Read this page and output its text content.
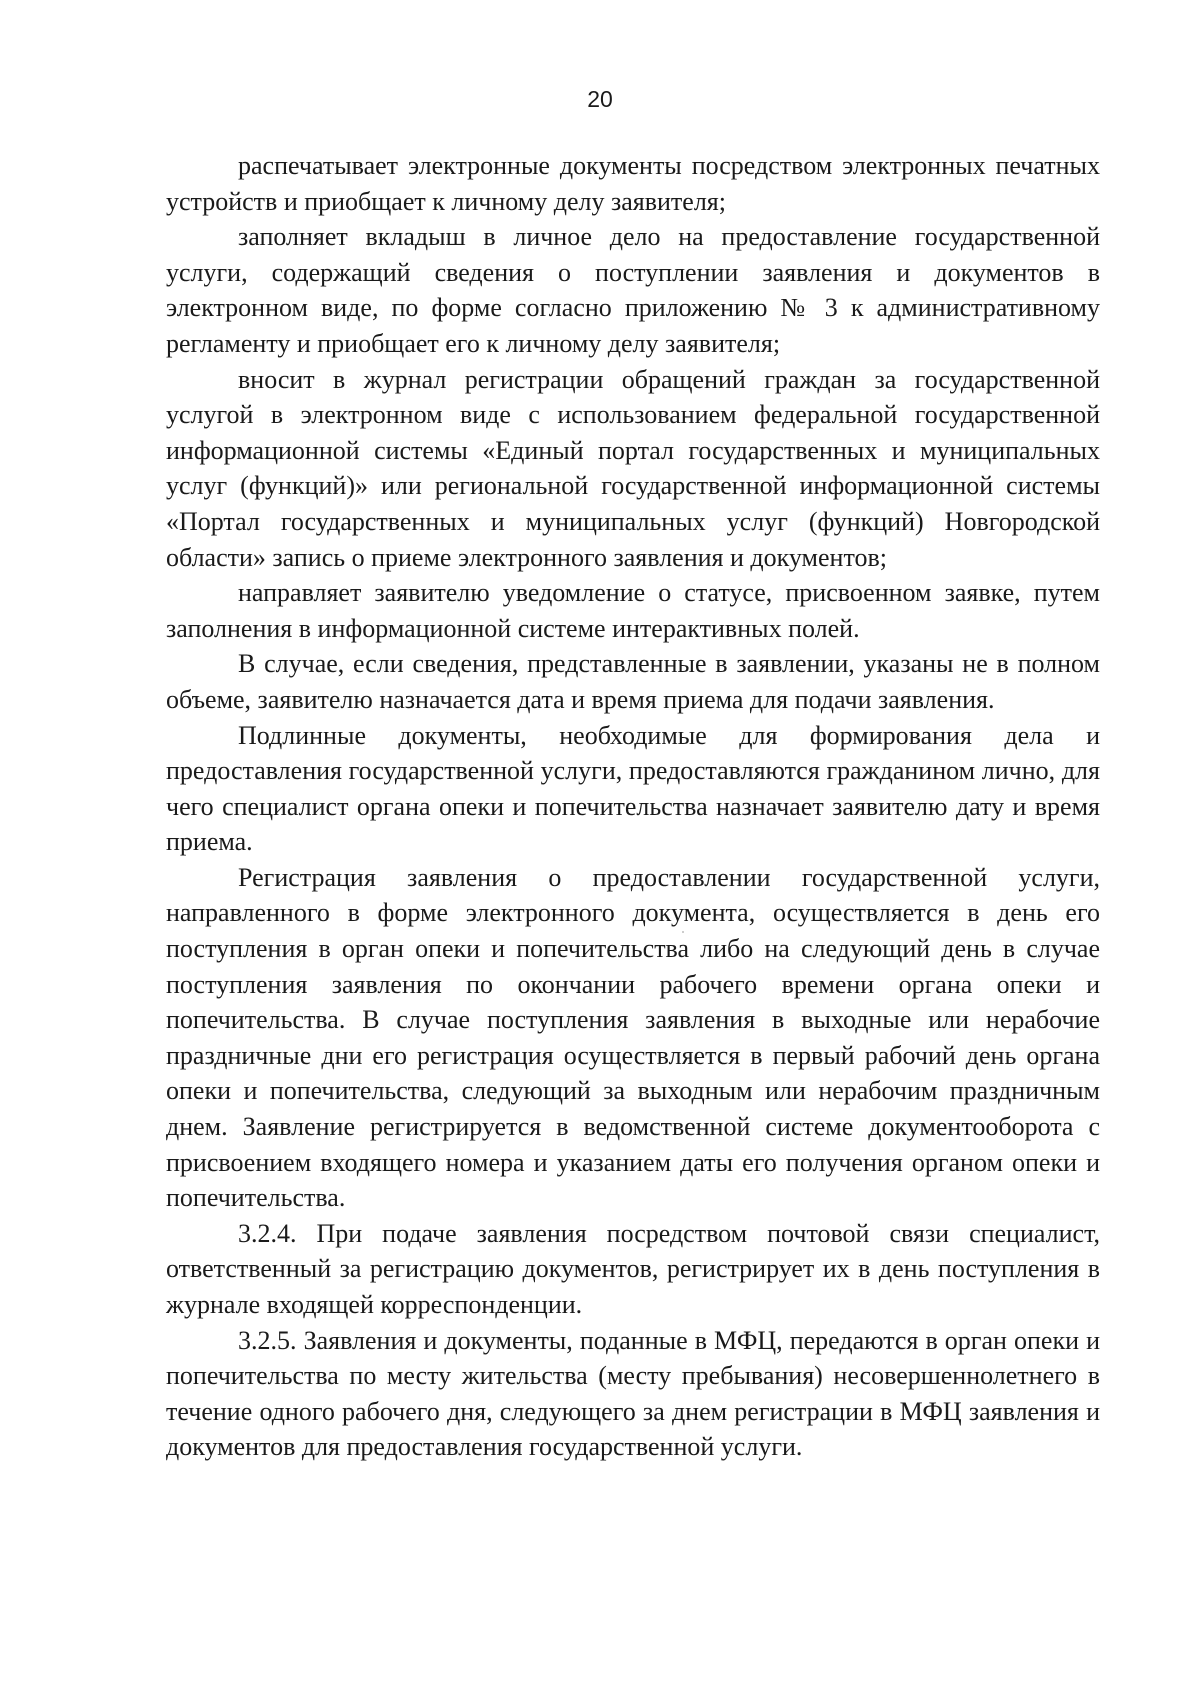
20

распечатывает электронные документы посредством электронных печатных устройств и приобщает к личному делу заявителя;

заполняет вкладыш в личное дело на предоставление государственной услуги, содержащий сведения о поступлении заявления и документов в электронном виде, по форме согласно приложению № 3 к административному регламенту и приобщает его к личному делу заявителя;

вносит в журнал регистрации обращений граждан за государственной услугой в электронном виде с использованием федеральной государственной информационной системы «Единый портал государственных и муниципальных услуг (функций)» или региональной государственной информационной системы «Портал государственных и муниципальных услуг (функций) Новгородской области» запись о приеме электронного заявления и документов;

направляет заявителю уведомление о статусе, присвоенном заявке, путем заполнения в информационной системе интерактивных полей.

В случае, если сведения, представленные в заявлении, указаны не в полном объеме, заявителю назначается дата и время приема для подачи заявления.

Подлинные документы, необходимые для формирования дела и предоставления государственной услуги, предоставляются гражданином лично, для чего специалист органа опеки и попечительства назначает заявителю дату и время приема.

Регистрация заявления о предоставлении государственной услуги, направленного в форме электронного документа, осуществляется в день его поступления в орган опеки и попечительства либо на следующий день в случае поступления заявления по окончании рабочего времени органа опеки и попечительства. В случае поступления заявления в выходные или нерабочие праздничные дни его регистрация осуществляется в первый рабочий день органа опеки и попечительства, следующий за выходным или нерабочим праздничным днем. Заявление регистрируется в ведомственной системе документооборота с присвоением входящего номера и указанием даты его получения органом опеки и попечительства.

3.2.4. При подаче заявления посредством почтовой связи специалист, ответственный за регистрацию документов, регистрирует их в день поступления в журнале входящей корреспонденции.

3.2.5. Заявления и документы, поданные в МФЦ, передаются в орган опеки и попечительства по месту жительства (месту пребывания) несовершеннолетнего в течение одного рабочего дня, следующего за днем регистрации в МФЦ заявления и документов для предоставления государственной услуги.
